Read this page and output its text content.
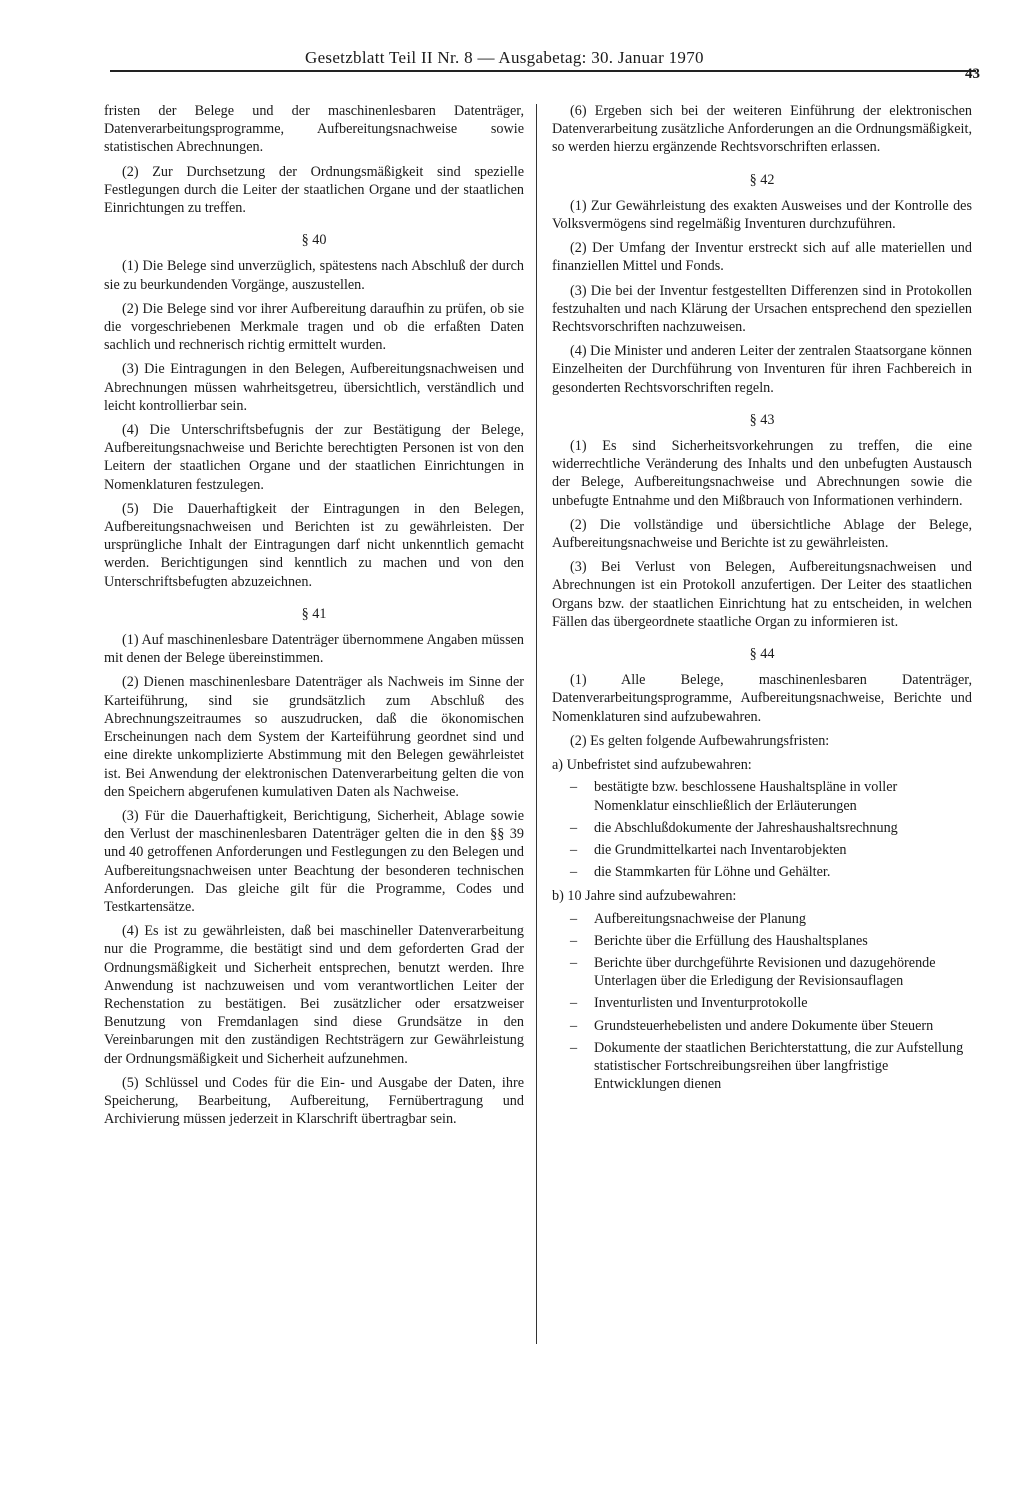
Gesetzblatt Teil II Nr. 8 — Ausgabetag: 30. Januar 1970
43

fristen der Belege und der maschinenlesbaren Datenträger, Datenverarbeitungsprogramme, Aufbereitungsnachweise sowie statistischen Abrechnungen.

(2) Zur Durchsetzung der Ordnungsmäßigkeit sind spezielle Festlegungen durch die Leiter der staatlichen Organe und der staatlichen Einrichtungen zu treffen.

§ 40

(1) Die Belege sind unverzüglich, spätestens nach Abschluß der durch sie zu beurkundenden Vorgänge, auszustellen.

(2) Die Belege sind vor ihrer Aufbereitung daraufhin zu prüfen, ob sie die vorgeschriebenen Merkmale tragen und ob die erfaßten Daten sachlich und rechnerisch richtig ermittelt wurden.

(3) Die Eintragungen in den Belegen, Aufbereitungsnachweisen und Abrechnungen müssen wahrheitsgetreu, übersichtlich, verständlich und leicht kontrollierbar sein.

(4) Die Unterschriftsbefugnis der zur Bestätigung der Belege, Aufbereitungsnachweise und Berichte berechtigten Personen ist von den Leitern der staatlichen Organe und der staatlichen Einrichtungen in Nomenklaturen festzulegen.

(5) Die Dauerhaftigkeit der Eintragungen in den Belegen, Aufbereitungsnachweisen und Berichten ist zu gewährleisten. Der ursprüngliche Inhalt der Eintragungen darf nicht unkenntlich gemacht werden. Berichtigungen sind kenntlich zu machen und von den Unterschriftsbefugten abzuzeichnen.

§ 41

(1) Auf maschinenlesbare Datenträger übernommene Angaben müssen mit denen der Belege übereinstimmen.

(2) Dienen maschinenlesbare Datenträger als Nachweis im Sinne der Karteiführung, sind sie grundsätzlich zum Abschluß des Abrechnungszeitraumes so auszudrucken, daß die ökonomischen Erscheinungen nach dem System der Karteiführung geordnet sind und eine direkte unkomplizierte Abstimmung mit den Belegen gewährleistet ist. Bei Anwendung der elektronischen Datenverarbeitung gelten die von den Speichern abgerufenen kumulativen Daten als Nachweise.

(3) Für die Dauerhaftigkeit, Berichtigung, Sicherheit, Ablage sowie den Verlust der maschinenlesbaren Datenträger gelten die in den §§ 39 und 40 getroffenen Anforderungen und Festlegungen zu den Belegen und Aufbereitungsnachweisen unter Beachtung der besonderen technischen Anforderungen. Das gleiche gilt für die Programme, Codes und Testkartensätze.

(4) Es ist zu gewährleisten, daß bei maschineller Datenverarbeitung nur die Programme, die bestätigt sind und dem geforderten Grad der Ordnungsmäßigkeit und Sicherheit entsprechen, benutzt werden. Ihre Anwendung ist nachzuweisen und vom verantwortlichen Leiter der Rechenstation zu bestätigen. Bei zusätzlicher oder ersatzweiser Benutzung von Fremdanlagen sind diese Grundsätze in den Vereinbarungen mit den zuständigen Rechtsträgern zur Gewährleistung der Ordnungsmäßigkeit und Sicherheit aufzunehmen.

(5) Schlüssel und Codes für die Ein- und Ausgabe der Daten, ihre Speicherung, Bearbeitung, Aufbereitung, Fernübertragung und Archivierung müssen jederzeit in Klarschrift übertragbar sein.

(6) Ergeben sich bei der weiteren Einführung der elektronischen Datenverarbeitung zusätzliche Anforderungen an die Ordnungsmäßigkeit, so werden hierzu ergänzende Rechtsvorschriften erlassen.

§ 42

(1) Zur Gewährleistung des exakten Ausweises und der Kontrolle des Volksvermögens sind regelmäßig Inventuren durchzuführen.

(2) Der Umfang der Inventur erstreckt sich auf alle materiellen und finanziellen Mittel und Fonds.

(3) Die bei der Inventur festgestellten Differenzen sind in Protokollen festzuhalten und nach Klärung der Ursachen entsprechend den speziellen Rechtsvorschriften nachzuweisen.

(4) Die Minister und anderen Leiter der zentralen Staatsorgane können Einzelheiten der Durchführung von Inventuren für ihren Fachbereich in gesonderten Rechtsvorschriften regeln.

§ 43

(1) Es sind Sicherheitsvorkehrungen zu treffen, die eine widerrechtliche Veränderung des Inhalts und den unbefugten Austausch der Belege, Aufbereitungsnachweise und Abrechnungen sowie die unbefugte Entnahme und den Mißbrauch von Informationen verhindern.

(2) Die vollständige und übersichtliche Ablage der Belege, Aufbereitungsnachweise und Berichte ist zu gewährleisten.

(3) Bei Verlust von Belegen, Aufbereitungsnachweisen und Abrechnungen ist ein Protokoll anzufertigen. Der Leiter des staatlichen Organs bzw. der staatlichen Einrichtung hat zu entscheiden, in welchen Fällen das übergeordnete staatliche Organ zu informieren ist.

§ 44

(1) Alle Belege, maschinenlesbaren Datenträger, Datenverarbeitungsprogramme, Aufbereitungsnachweise, Berichte und Nomenklaturen sind aufzubewahren.

(2) Es gelten folgende Aufbewahrungsfristen:

a) Unbefristet sind aufzubewahren:

– bestätigte bzw. beschlossene Haushaltspläne in voller Nomenklatur einschließlich der Erläuterungen
– die Abschlußdokumente der Jahreshaushaltsrechnung
– die Grundmittelkartei nach Inventarobjekten
– die Stammkarten für Löhne und Gehälter.

b) 10 Jahre sind aufzubewahren:

– Aufbereitungsnachweise der Planung
– Berichte über die Erfüllung des Haushaltsplanes
– Berichte über durchgeführte Revisionen und dazugehörende Unterlagen über die Erledigung der Revisionsauflagen
– Inventurlisten und Inventurprotokolle
– Grundsteuerhebelisten und andere Dokumente über Steuern
– Dokumente der staatlichen Berichterstattung, die zur Aufstellung statistischer Fortschreibungsreihen über langfristige Entwicklungen dienen
